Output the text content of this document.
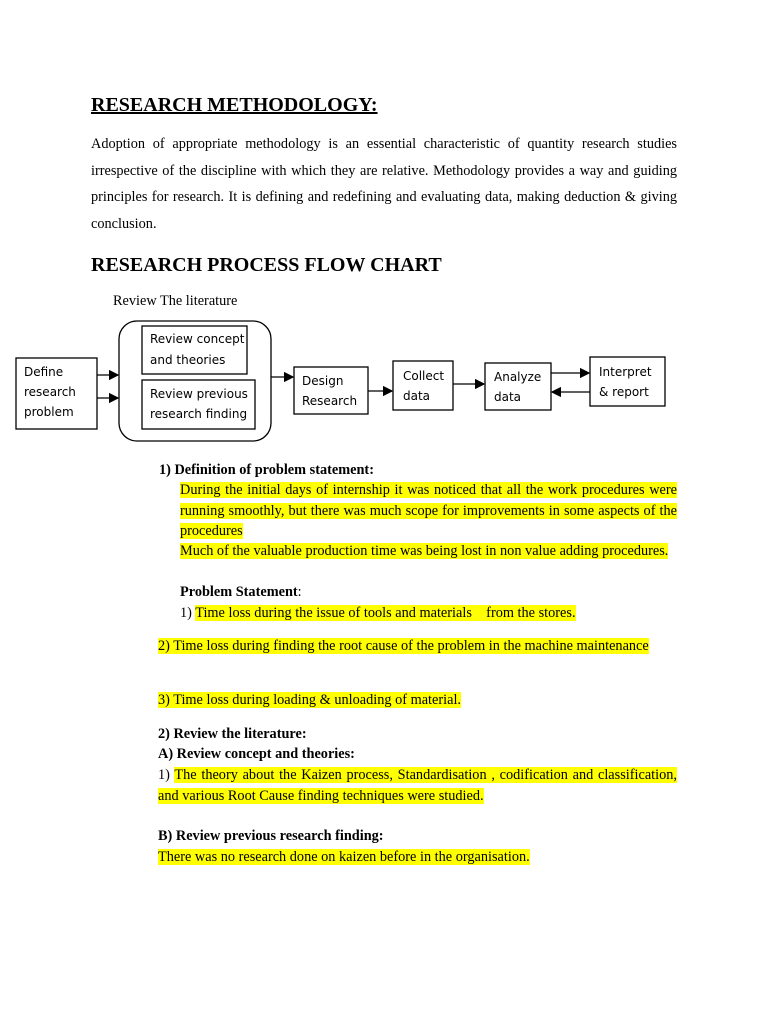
RESEARCH METHODOLOGY:
Adoption of appropriate methodology is an essential characteristic of quantity research studies irrespective of the discipline with which they are relative. Methodology provides a way and guiding principles for research. It is defining and redefining and evaluating data, making deduction & giving conclusion.
RESEARCH PROCESS FLOW CHART
Review The literature
Define
research
problem
Review concept
and theories
Review previous
research finding
Design
Research
Collect
data
Analyze
data
Interpret
& report
1) Definition of problem statement:
During the initial days of internship it was noticed that all the work procedures were running smoothly, but there was much scope for improvements in some aspects of the procedures
Much of the valuable production time was being lost in non value adding procedures.
Problem Statement:
1) Time loss during the issue of tools and materials    from the stores.
2) Time loss during finding the root cause of the problem in the machine maintenance
3) Time loss during loading & unloading of material.
2) Review the literature:
A) Review concept and theories:
1) The theory about the Kaizen process, Standardisation , codification and classification, and various Root Cause finding techniques were studied.
B) Review previous research finding:
There was no research done on kaizen before in the organisation.
